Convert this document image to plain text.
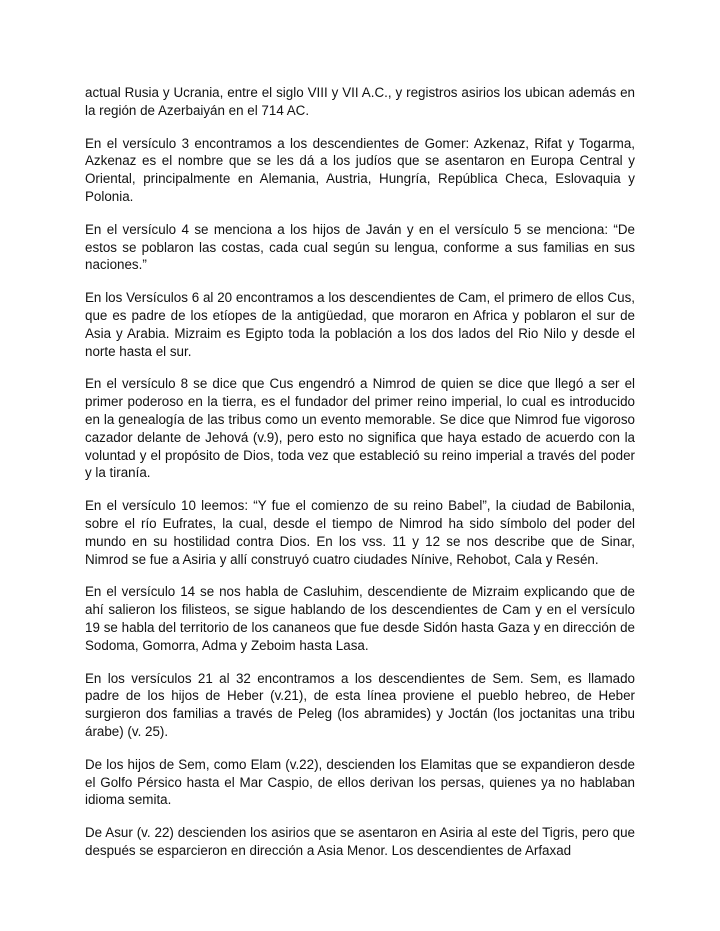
actual Rusia y Ucrania, entre el siglo VIII y VII A.C., y registros asirios los ubican además en la región de Azerbaiyán en el 714 AC.

En el versículo 3 encontramos a los descendientes de Gomer: Azkenaz, Rifat y Togarma, Azkenaz es el nombre que se les dá a los judíos que se asentaron en Europa Central y Oriental, principalmente en Alemania, Austria, Hungría, República Checa, Eslovaquia y Polonia.

En el versículo 4 se menciona a los hijos de Javán y en el versículo 5 se menciona: “De estos se poblaron las costas, cada cual según su lengua, conforme a sus familias en sus naciones.”

En los Versículos 6 al 20 encontramos a los descendientes de Cam, el primero de ellos Cus, que es padre de los etíopes de la antigüedad, que moraron en Africa y poblaron el sur de Asia y Arabia. Mizraim es Egipto toda la población a los dos lados del Rio Nilo y desde el norte hasta el sur.

En el versículo 8 se dice que Cus engendró a Nimrod de quien se dice que llegó a ser el primer poderoso en la tierra, es el fundador del primer reino imperial, lo cual es introducido en la genealogía de las tribus como un evento memorable. Se dice que Nimrod fue vigoroso cazador delante de Jehová (v.9), pero esto no significa que haya estado de acuerdo con la voluntad y el propósito de Dios, toda vez que estableció su reino imperial a través del poder y la tiranía.

En el versículo 10 leemos: “Y fue el comienzo de su reino Babel”, la ciudad de Babilonia, sobre el río Eufrates, la cual, desde el tiempo de Nimrod ha sido símbolo del poder del mundo en su hostilidad contra Dios. En los vss. 11 y 12 se nos describe que de Sinar, Nimrod se fue a Asiria y allí construyó cuatro ciudades Nínive, Rehobot, Cala y Resén.

En el versículo 14 se nos habla de Casluhim, descendiente de Mizraim explicando que de ahí salieron los filisteos, se sigue hablando de los descendientes de Cam y en el versículo 19 se habla del territorio de los cananeos que fue desde Sidón hasta Gaza y en dirección de Sodoma, Gomorra, Adma y Zeboim hasta Lasa.

En los versículos 21 al 32 encontramos a los descendientes de Sem. Sem, es llamado padre de los hijos de Heber (v.21), de esta línea proviene el pueblo hebreo, de Heber surgieron dos familias a través de Peleg (los abramides) y Joctán (los joctanitas una tribu árabe) (v. 25).

De los hijos de Sem, como Elam (v.22), descienden los Elamitas que se expandieron desde el Golfo Pérsico hasta el Mar Caspio, de ellos derivan los persas, quienes ya no hablaban idioma semita.

De Asur (v. 22) descienden los asirios que se asentaron en Asiria al este del Tigris, pero que después se esparcieron en dirección a Asia Menor. Los descendientes de Arfaxad
